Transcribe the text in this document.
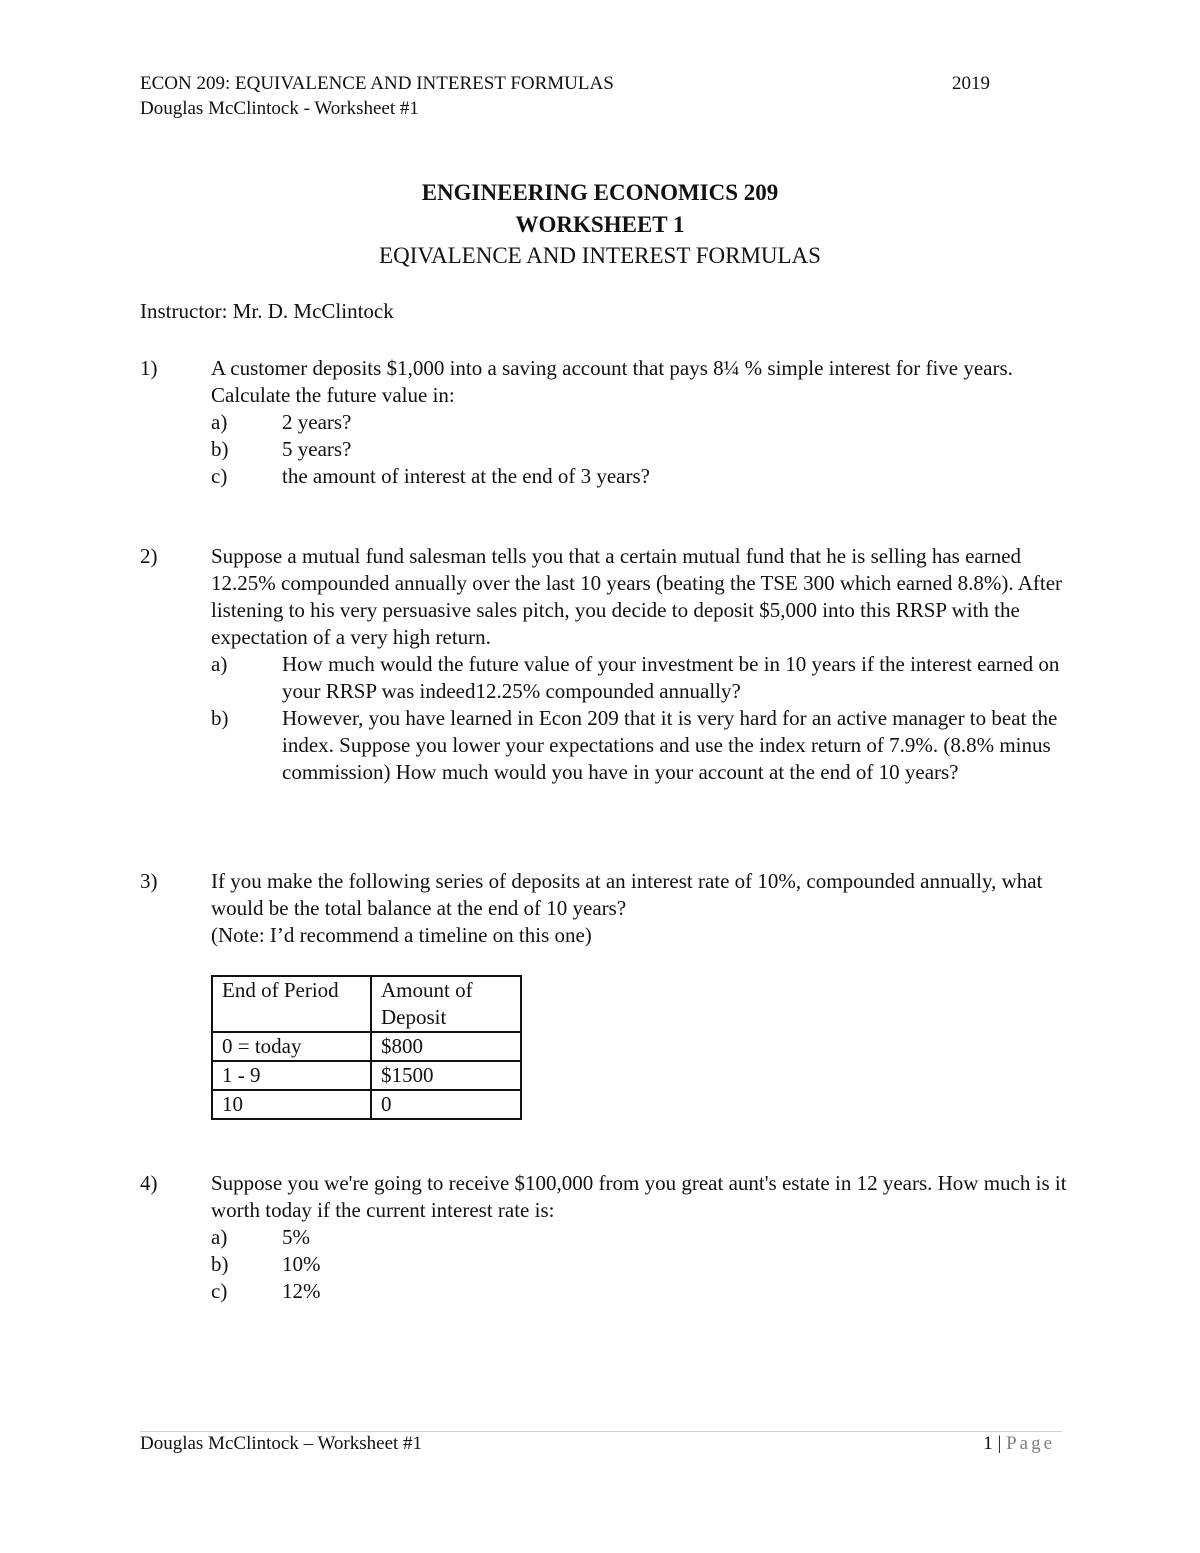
ECON 209: EQUIVALENCE AND INTEREST FORMULAS	2019
Douglas McClintock - Worksheet #1
ENGINEERING ECONOMICS 209
WORKSHEET 1
EQIVALENCE AND INTEREST FORMULAS
Instructor: Mr. D. McClintock
1)	A customer deposits $1,000 into a saving account that pays 8¼ % simple interest for five years. Calculate the future value in:
a)	2 years?
b)	5 years?
c)	the amount of interest at the end of 3 years?
2)	Suppose a mutual fund salesman tells you that a certain mutual fund that he is selling has earned 12.25% compounded annually over the last 10 years (beating the TSE 300 which earned 8.8%). After listening to his very persuasive sales pitch, you decide to deposit $5,000 into this RRSP with the expectation of a very high return.
a)	How much would the future value of your investment be in 10 years if the interest earned on your RRSP was indeed12.25% compounded annually?
b)	However, you have learned in Econ 209 that it is very hard for an active manager to beat the index. Suppose you lower your expectations and use the index return of 7.9%. (8.8% minus commission) How much would you have in your account at the end of 10 years?
3)	If you make the following series of deposits at an interest rate of 10%, compounded annually, what would be the total balance at the end of 10 years?
(Note: I’d recommend a timeline on this one)
End of Period	Amount of Deposit
0 = today	$800
1 - 9	$1500
10	0
4)	Suppose you we're going to receive $100,000 from you great aunt's estate in 12 years. How much is it worth today if the current interest rate is:
a)	5%
b)	10%
c)	12%
Douglas McClintock – Worksheet #1	1 | Page
